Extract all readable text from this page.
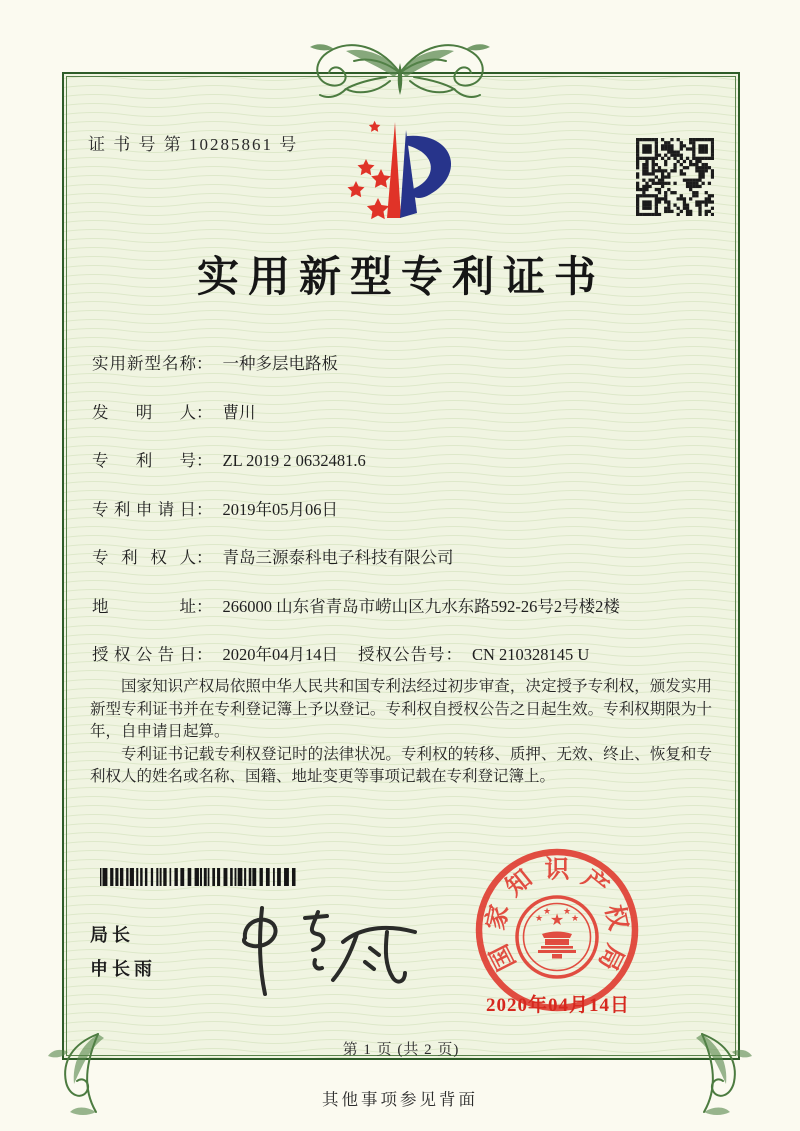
证 书 号 第 10285861 号
实用新型专利证书
实用新型名称： 一种多层电路板
发明人： 曹川
专利号： ZL 2019 2 0632481.6
专利申请日： 2019年05月06日
专利权人： 青岛三源泰科电子科技有限公司
地址： 266000 山东省青岛市崂山区九水东路592-26号2号楼2楼
授权公告日： 2020年04月14日 授权公告号： CN 210328145 U

国家知识产权局依照中华人民共和国专利法经过初步审查，决定授予专利权，颁发实用新型专利证书并在专利登记簿上予以登记。专利权自授权公告之日起生效。专利权期限为十年，自申请日起算。

专利证书记载专利权登记时的法律状况。专利权的转移、质押、无效、终止、恢复和专利权人的姓名或名称、国籍、地址变更等事项记载在专利登记簿上。

局长
申长雨	国
家
知 识 产
权
局
★
★
★ ★
★
2020年04月14日
第 1 页 (共 2 页)
其他事项参见背面
